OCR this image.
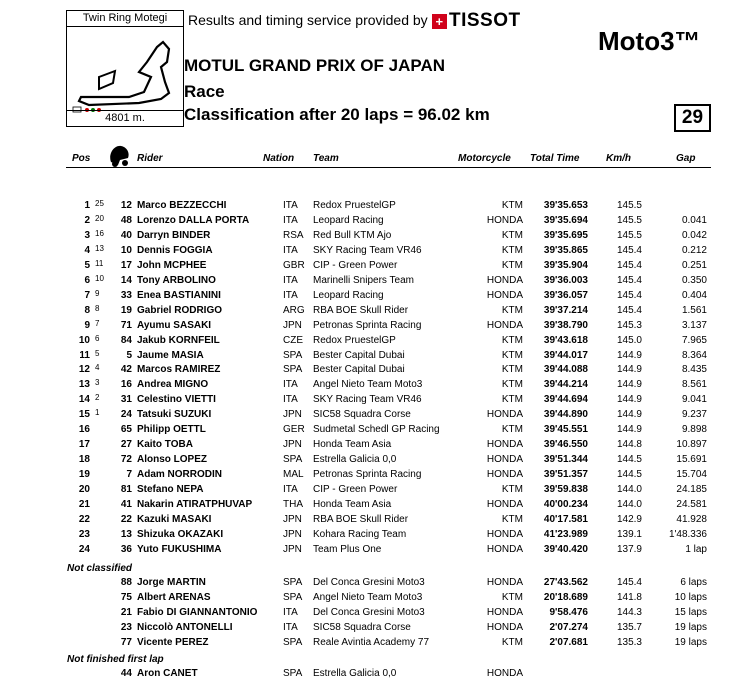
Twin Ring Motegi
4801 m.
Results and timing service provided by + TISSOT
Moto3™
MOTUL GRAND PRIX OF JAPAN
Race
Classification after 20 laps = 96.02 km	29
Pos	Rider	Nation Team	Motorcycle Total Time	Km/h	Gap
1 25 12 Marco BEZZECCHI	ITA Redox PruestelGP	KTM 39'35.653	145.5
2 20 48 Lorenzo DALLA PORTA	ITA Leopard Racing	HONDA 39'35.694	145.5	0.041
3 16 40 Darryn BINDER	RSA Red Bull KTM Ajo	KTM 39'35.695	145.5	0.042
4 13 10 Dennis FOGGIA	ITA SKY Racing Team VR46	KTM 39'35.865	145.4	0.212
5 11 17 John MCPHEE	GBR CIP - Green Power	KTM 39'35.904	145.4	0.251
6 10 14 Tony ARBOLINO	ITA Marinelli Snipers Team	HONDA 39'36.003	145.4	0.350
7 9 33 Enea BASTIANINI	ITA Leopard Racing	HONDA 39'36.057	145.4	0.404
8 8 19 Gabriel RODRIGO	ARG RBA BOE Skull Rider	KTM 39'37.214	145.4	1.561
9 7 71 Ayumu SASAKI	JPN Petronas Sprinta Racing	HONDA 39'38.790	145.3	3.137
10 6 84 Jakub KORNFEIL	CZE Redox PruestelGP	KTM 39'43.618	145.0	7.965
11 5	5 Jaume MASIA	SPA Bester Capital Dubai	KTM 39'44.017	144.9	8.364
12 4 42 Marcos RAMIREZ	SPA Bester Capital Dubai	KTM 39'44.088	144.9	8.435
13 3 16 Andrea MIGNO	ITA Angel Nieto Team Moto3	KTM 39'44.214	144.9	8.561
14 2 31 Celestino VIETTI	ITA SKY Racing Team VR46	KTM 39'44.694	144.9	9.041
15 1 24 Tatsuki SUZUKI	JPN SIC58 Squadra Corse	HONDA 39'44.890	144.9	9.237
16	65 Philipp OETTL	GER Sudmetal Schedl GP Racing	KTM 39'45.551	144.9	9.898
17	27 Kaito TOBA	JPN Honda Team Asia	HONDA 39'46.550	144.8	10.897
18	72 Alonso LOPEZ	SPA Estrella Galicia 0,0	HONDA 39'51.344	144.5	15.691
19	7 Adam NORRODIN	MAL Petronas Sprinta Racing	HONDA 39'51.357	144.5	15.704
20	81 Stefano NEPA	ITA CIP - Green Power	KTM 39'59.838	144.0	24.185
21	41 Nakarin ATIRATPHUVAP	THA Honda Team Asia	HONDA 40'00.234	144.0	24.581
22	22 Kazuki MASAKI	JPN RBA BOE Skull Rider	KTM 40'17.581	142.9	41.928
23	13 Shizuka OKAZAKI	JPN Kohara Racing Team	HONDA 41'23.989	139.1	1'48.336
24	36 Yuto FUKUSHIMA	JPN Team Plus One	HONDA 39'40.420	137.9	1 lap
Not classified
88 Jorge MARTIN	SPA Del Conca Gresini Moto3	HONDA 27'43.562	145.4	6 laps
75 Albert ARENAS	SPA Angel Nieto Team Moto3	KTM 20'18.689	141.8	10 laps
21 Fabio DI GIANNANTONIO	ITA Del Conca Gresini Moto3	HONDA	9'58.476	144.3	15 laps
23 Niccolò ANTONELLI	ITA SIC58 Squadra Corse	HONDA	2'07.274	135.7	19 laps
77 Vicente PEREZ	SPA Reale Avintia Academy 77	KTM	2'07.681	135.3	19 laps
Not finished first lap
44 Aron CANET	SPA Estrella Galicia 0,0	HONDA
